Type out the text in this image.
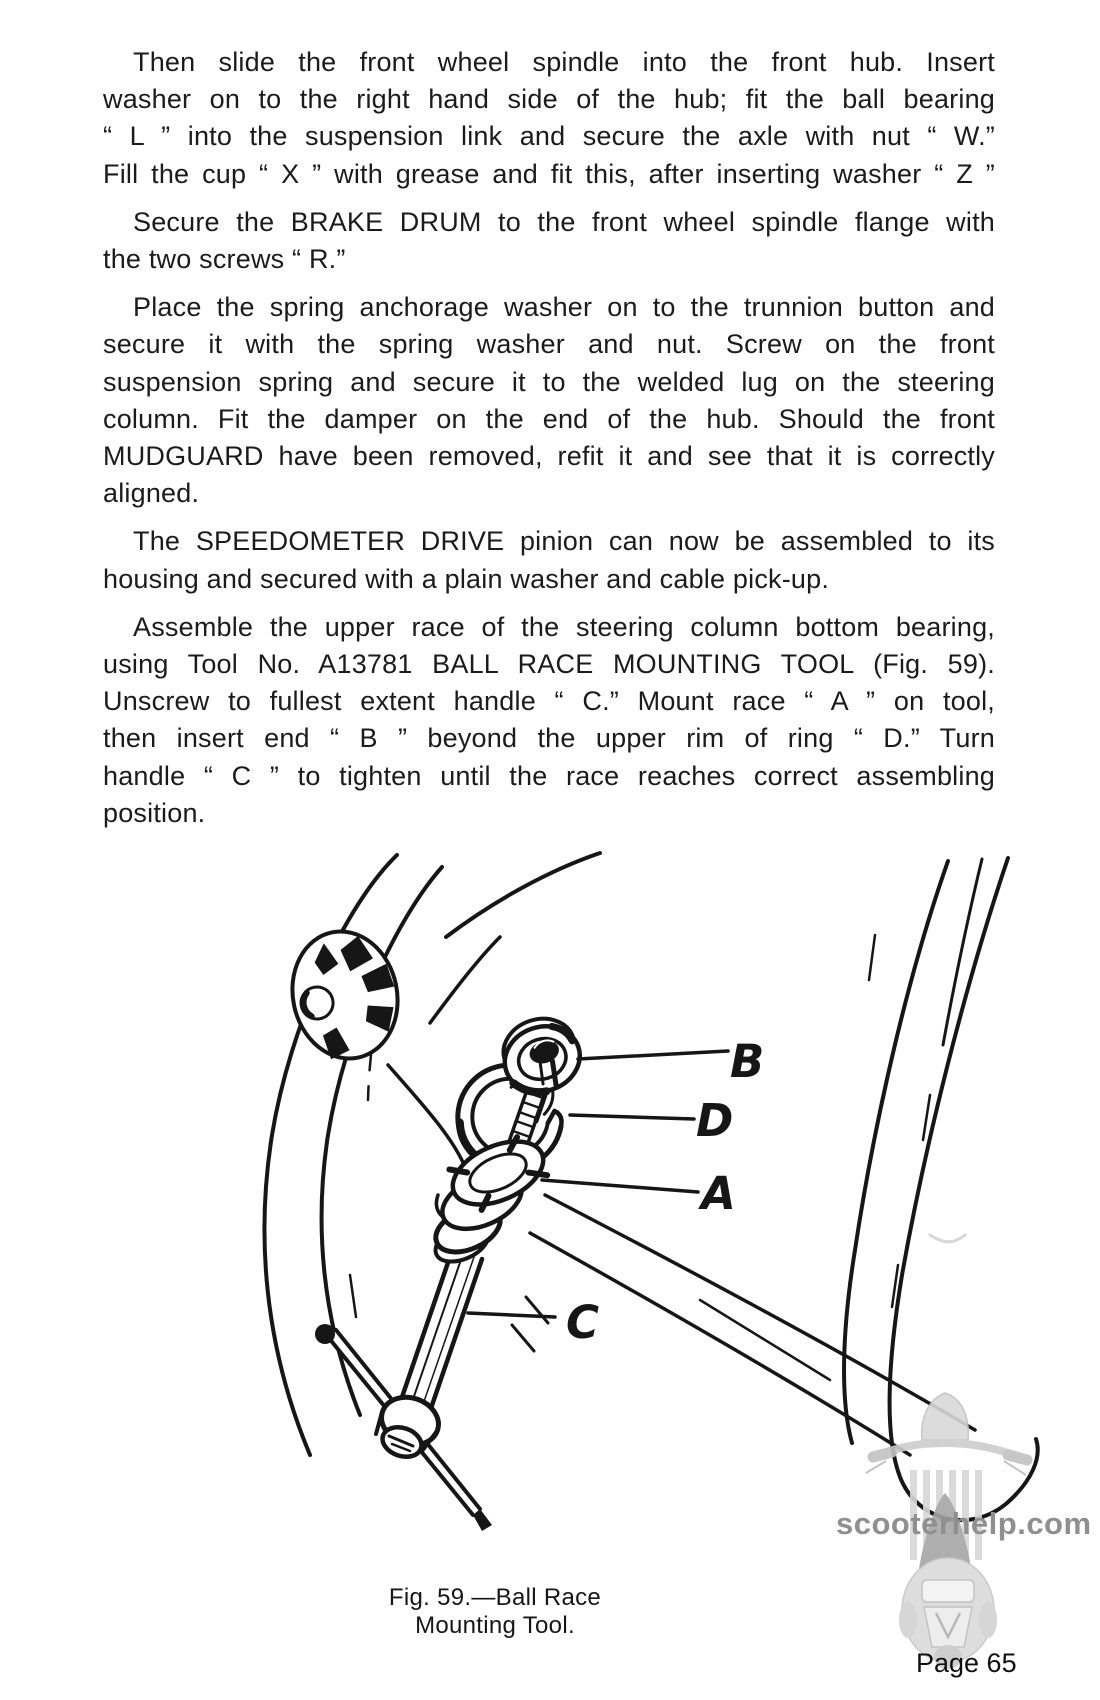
Then slide the front wheel spindle into the front hub. Insert
washer on to the right hand side of the hub; fit the ball bearing
“ L ” into the suspension link and secure the axle with nut “ W.”
Fill the cup “ X ” with grease and fit this, after inserting washer “ Z ”
Secure the BRAKE DRUM to the front wheel spindle flange with
the two screws “ R.”
Place the spring anchorage washer on to the trunnion button and
secure it with the spring washer and nut. Screw on the front
suspension spring and secure it to the welded lug on the steering
column. Fit the damper on the end of the hub. Should the front
MUDGUARD have been removed, refit it and see that it is correctly
aligned.
The SPEEDOMETER DRIVE pinion can now be assembled to its
housing and secured with a plain washer and cable pick-up.
Assemble the upper race of the steering column bottom bearing,
using Tool No. A13781 BALL RACE MOUNTING TOOL (Fig. 59).
Unscrew to fullest extent handle “ C.” Mount race “ A ” on tool,
then insert end “ B ” beyond the upper rim of ring “ D.” Turn
handle “ C ” to tighten until the race reaches correct assembling
position.
B
D
A
C
scooterhelp.com
Fig. 59.—Ball Race Mounting Tool.
Page 65
